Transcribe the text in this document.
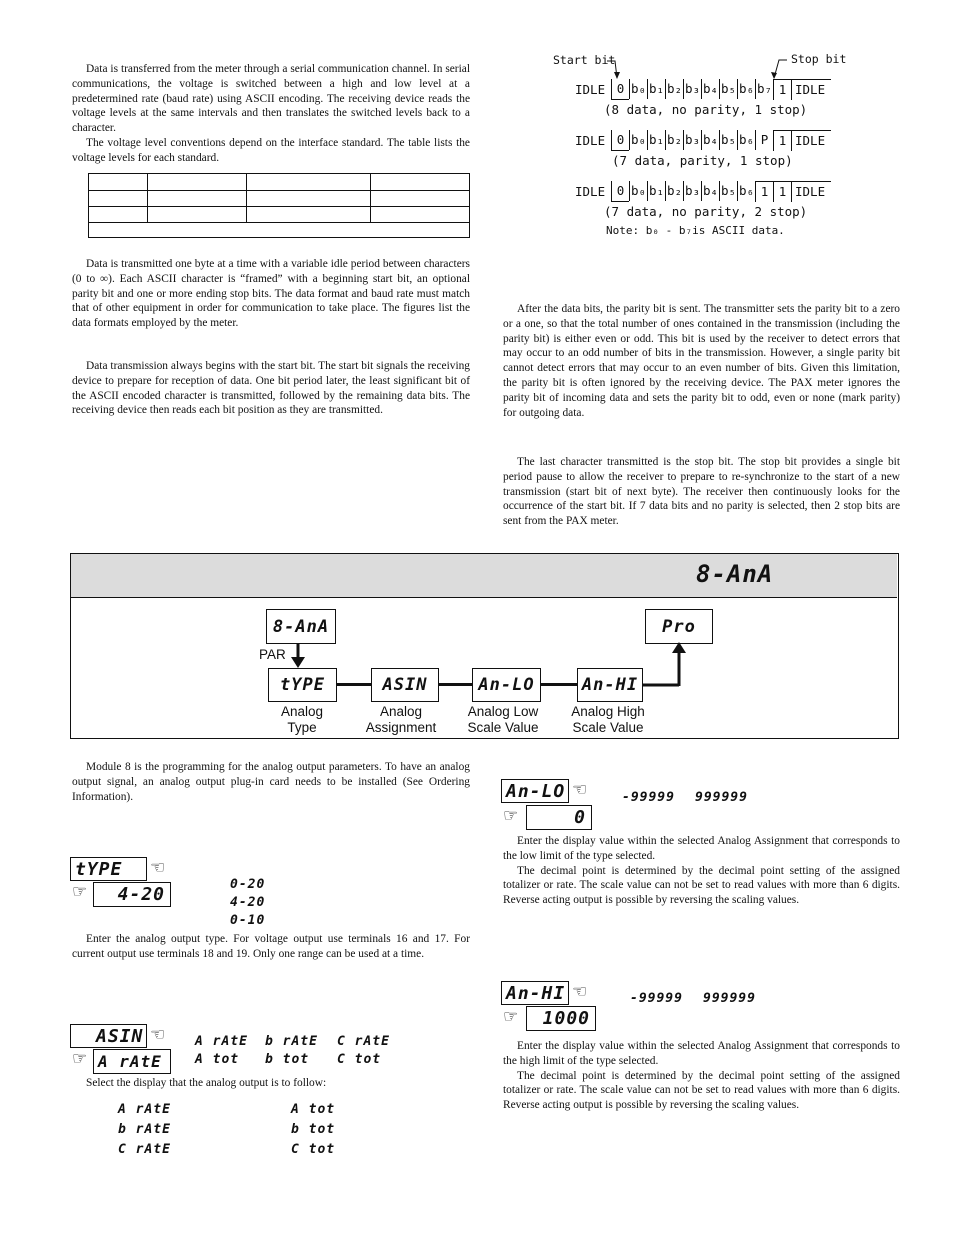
Data is transferred from the meter through a serial communication channel. In serial communications, the voltage is switched between a high and low level at a predetermined rate (baud rate) using ASCII encoding. The receiving device reads the voltage levels at the same intervals and then translates the switched levels back to a character.

The voltage level conventions depend on the interface standard. The table lists the voltage levels for each standard.

Data is transmitted one byte at a time with a variable idle period between characters (0 to ∞). Each ASCII character is “framed” with a beginning start bit, an optional parity bit and one or more ending stop bits. The data format and baud rate must match that of other equipment in order for communication to take place. The figures list the data formats employed by the meter.

Data transmission always begins with the start bit. The start bit signals the receiving device to prepare for reception of data. One bit period later, the least significant bit of the ASCII encoded character is transmitted, followed by the remaining data bits. The receiving device then reads each bit position as they are transmitted.

Start bit	Stop bit
IDLE 0 b₀ b₁ b₂ b₃ b₄ b₅ b₆ b₇ 1 IDLE
(8 data, no parity, 1 stop)
IDLE 0 b₀ b₁ b₂ b₃ b₄ b₅ b₆ P 1 IDLE
(7 data, parity, 1 stop)
IDLE 0 b₀ b₁ b₂ b₃ b₄ b₅ b₆ 1 1 IDLE
(7 data, no parity, 2 stop)
Note: b₀ - b₇is ASCII data.

After the data bits, the parity bit is sent. The transmitter sets the parity bit to a zero or a one, so that the total number of ones contained in the transmission (including the parity bit) is either even or odd. This bit is used by the receiver to detect errors that may occur to an odd number of bits in the transmission. However, a single parity bit cannot detect errors that may occur to an even number of bits. Given this limitation, the parity bit is often ignored by the receiving device. The PAX meter ignores the parity bit of incoming data and sets the parity bit to odd, even or none (mark parity) for outgoing data.

The last character transmitted is the stop bit. The stop bit provides a single bit period pause to allow the receiver to prepare to re-synchronize to the start of a new transmission (start bit of next byte). The receiver then continuously looks for the occurrence of the start bit. If 7 data bits and no parity is selected, then 2 stop bits are sent from the PAX meter.

8-AnA
8-AnA	Pro
PAR
tYPE	ASIN	An-LO	An-HI
Analog
Type
Analog
Assignment
Analog Low
Scale Value
Analog High
Scale Value

Module 8 is the programming for the analog output parameters. To have an analog output signal, an analog output plug-in card needs to be installed (See Ordering Information).

tYPE	☜
☞	4-20	0-20
4-20
0-10

Enter the analog output type. For voltage output use terminals 16 and 17. For current output use terminals 18 and 19. Only one range can be used at a time.

ASIN ☜
☞ A rAtE
A rAtE b rAtE C rAtE
A tot b tot C tot

Select the display that the analog output is to follow:

A rAtE
b rAtE
C rAtE
A tot
b tot
C tot
An-LO ☜
☞	0
-99999 999999

Enter the display value within the selected Analog Assignment that corresponds to the low limit of the type selected.

The decimal point is determined by the decimal point setting of the assigned totalizer or rate. The scale value can not be set to read values with more than 6 digits. Reverse acting output is possible by reversing the scaling values.

An-HI ☜
☞	1000
-99999 999999

Enter the display value within the selected Analog Assignment that corresponds to the high limit of the type selected.

The decimal point is determined by the decimal point setting of the assigned totalizer or rate. The scale value can not be set to read values with more than 6 digits. Reverse acting output is possible by reversing the scaling values.
